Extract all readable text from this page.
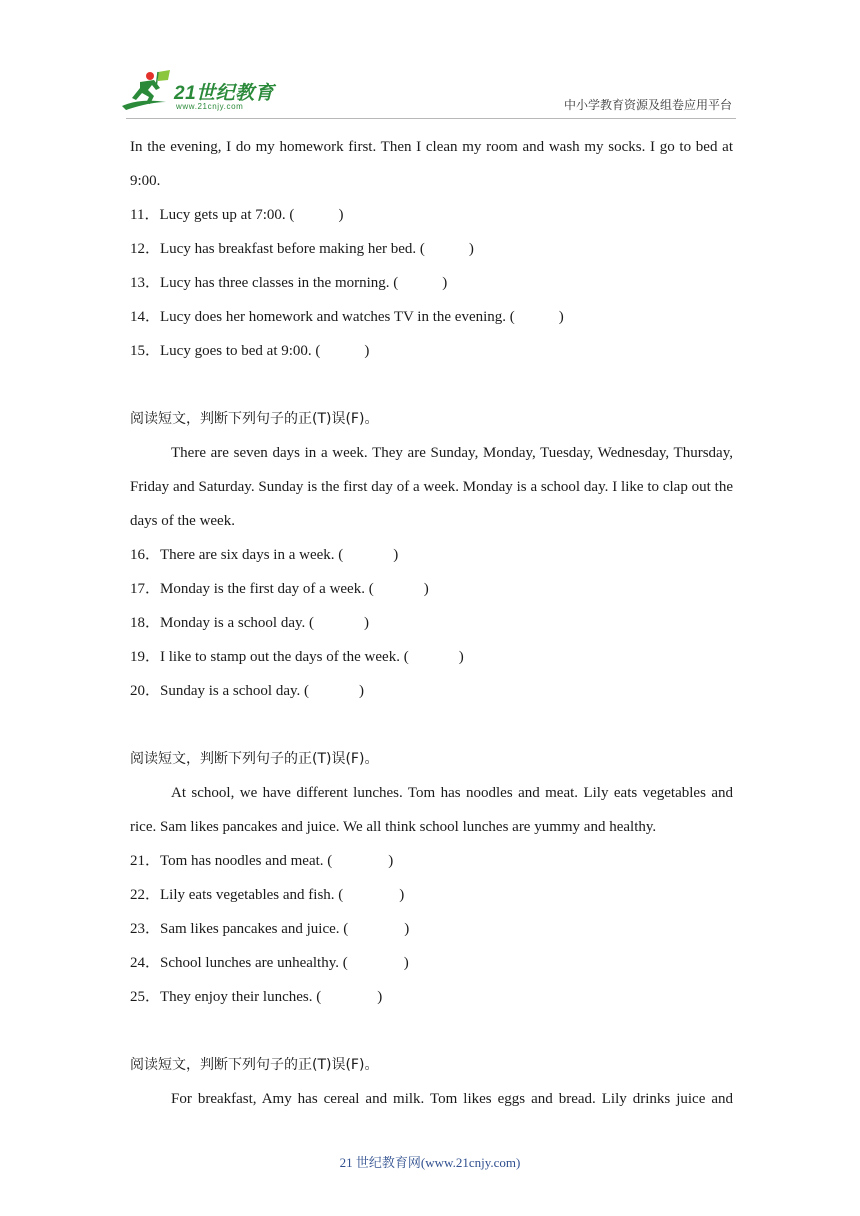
21世纪教育
www.21cnjy.com	中小学教育资源及组卷应用平台
In the evening, I do my homework first. Then I clean my room and wash my socks. I go to bed at 9:00.
11．Lucy gets up at 7:00. (	)
12．Lucy has breakfast before making her bed. (	)
13．Lucy has three classes in the morning. (	)
14．Lucy does her homework and watches TV in the evening. (	)
15．Lucy goes to bed at 9:00. (	)
阅读短文，判断下列句子的正(T)误(F)。
There are seven days in a week. They are Sunday, Monday, Tuesday, Wednesday, Thursday, Friday and Saturday. Sunday is the first day of a week. Monday is a school day. I like to clap out the days of the week.
16．There are six days in a week. (	)
17．Monday is the first day of a week. (	)
18．Monday is a school day. (	)
19．I like to stamp out the days of the week. (	)
20．Sunday is a school day. (	)
阅读短文，判断下列句子的正(T)误(F)。
At school, we have different lunches. Tom has noodles and meat. Lily eats vegetables and rice. Sam likes pancakes and juice. We all think school lunches are yummy and healthy.
21．Tom has noodles and meat. (	)
22．Lily eats vegetables and fish. (	)
23．Sam likes pancakes and juice. (	)
24．School lunches are unhealthy. (	)
25．They enjoy their lunches. (	)
阅读短文，判断下列句子的正(T)误(F)。
For breakfast, Amy has cereal and milk. Tom likes eggs and bread. Lily drinks juice and
21 世纪教育网(www.21cnjy.com)
